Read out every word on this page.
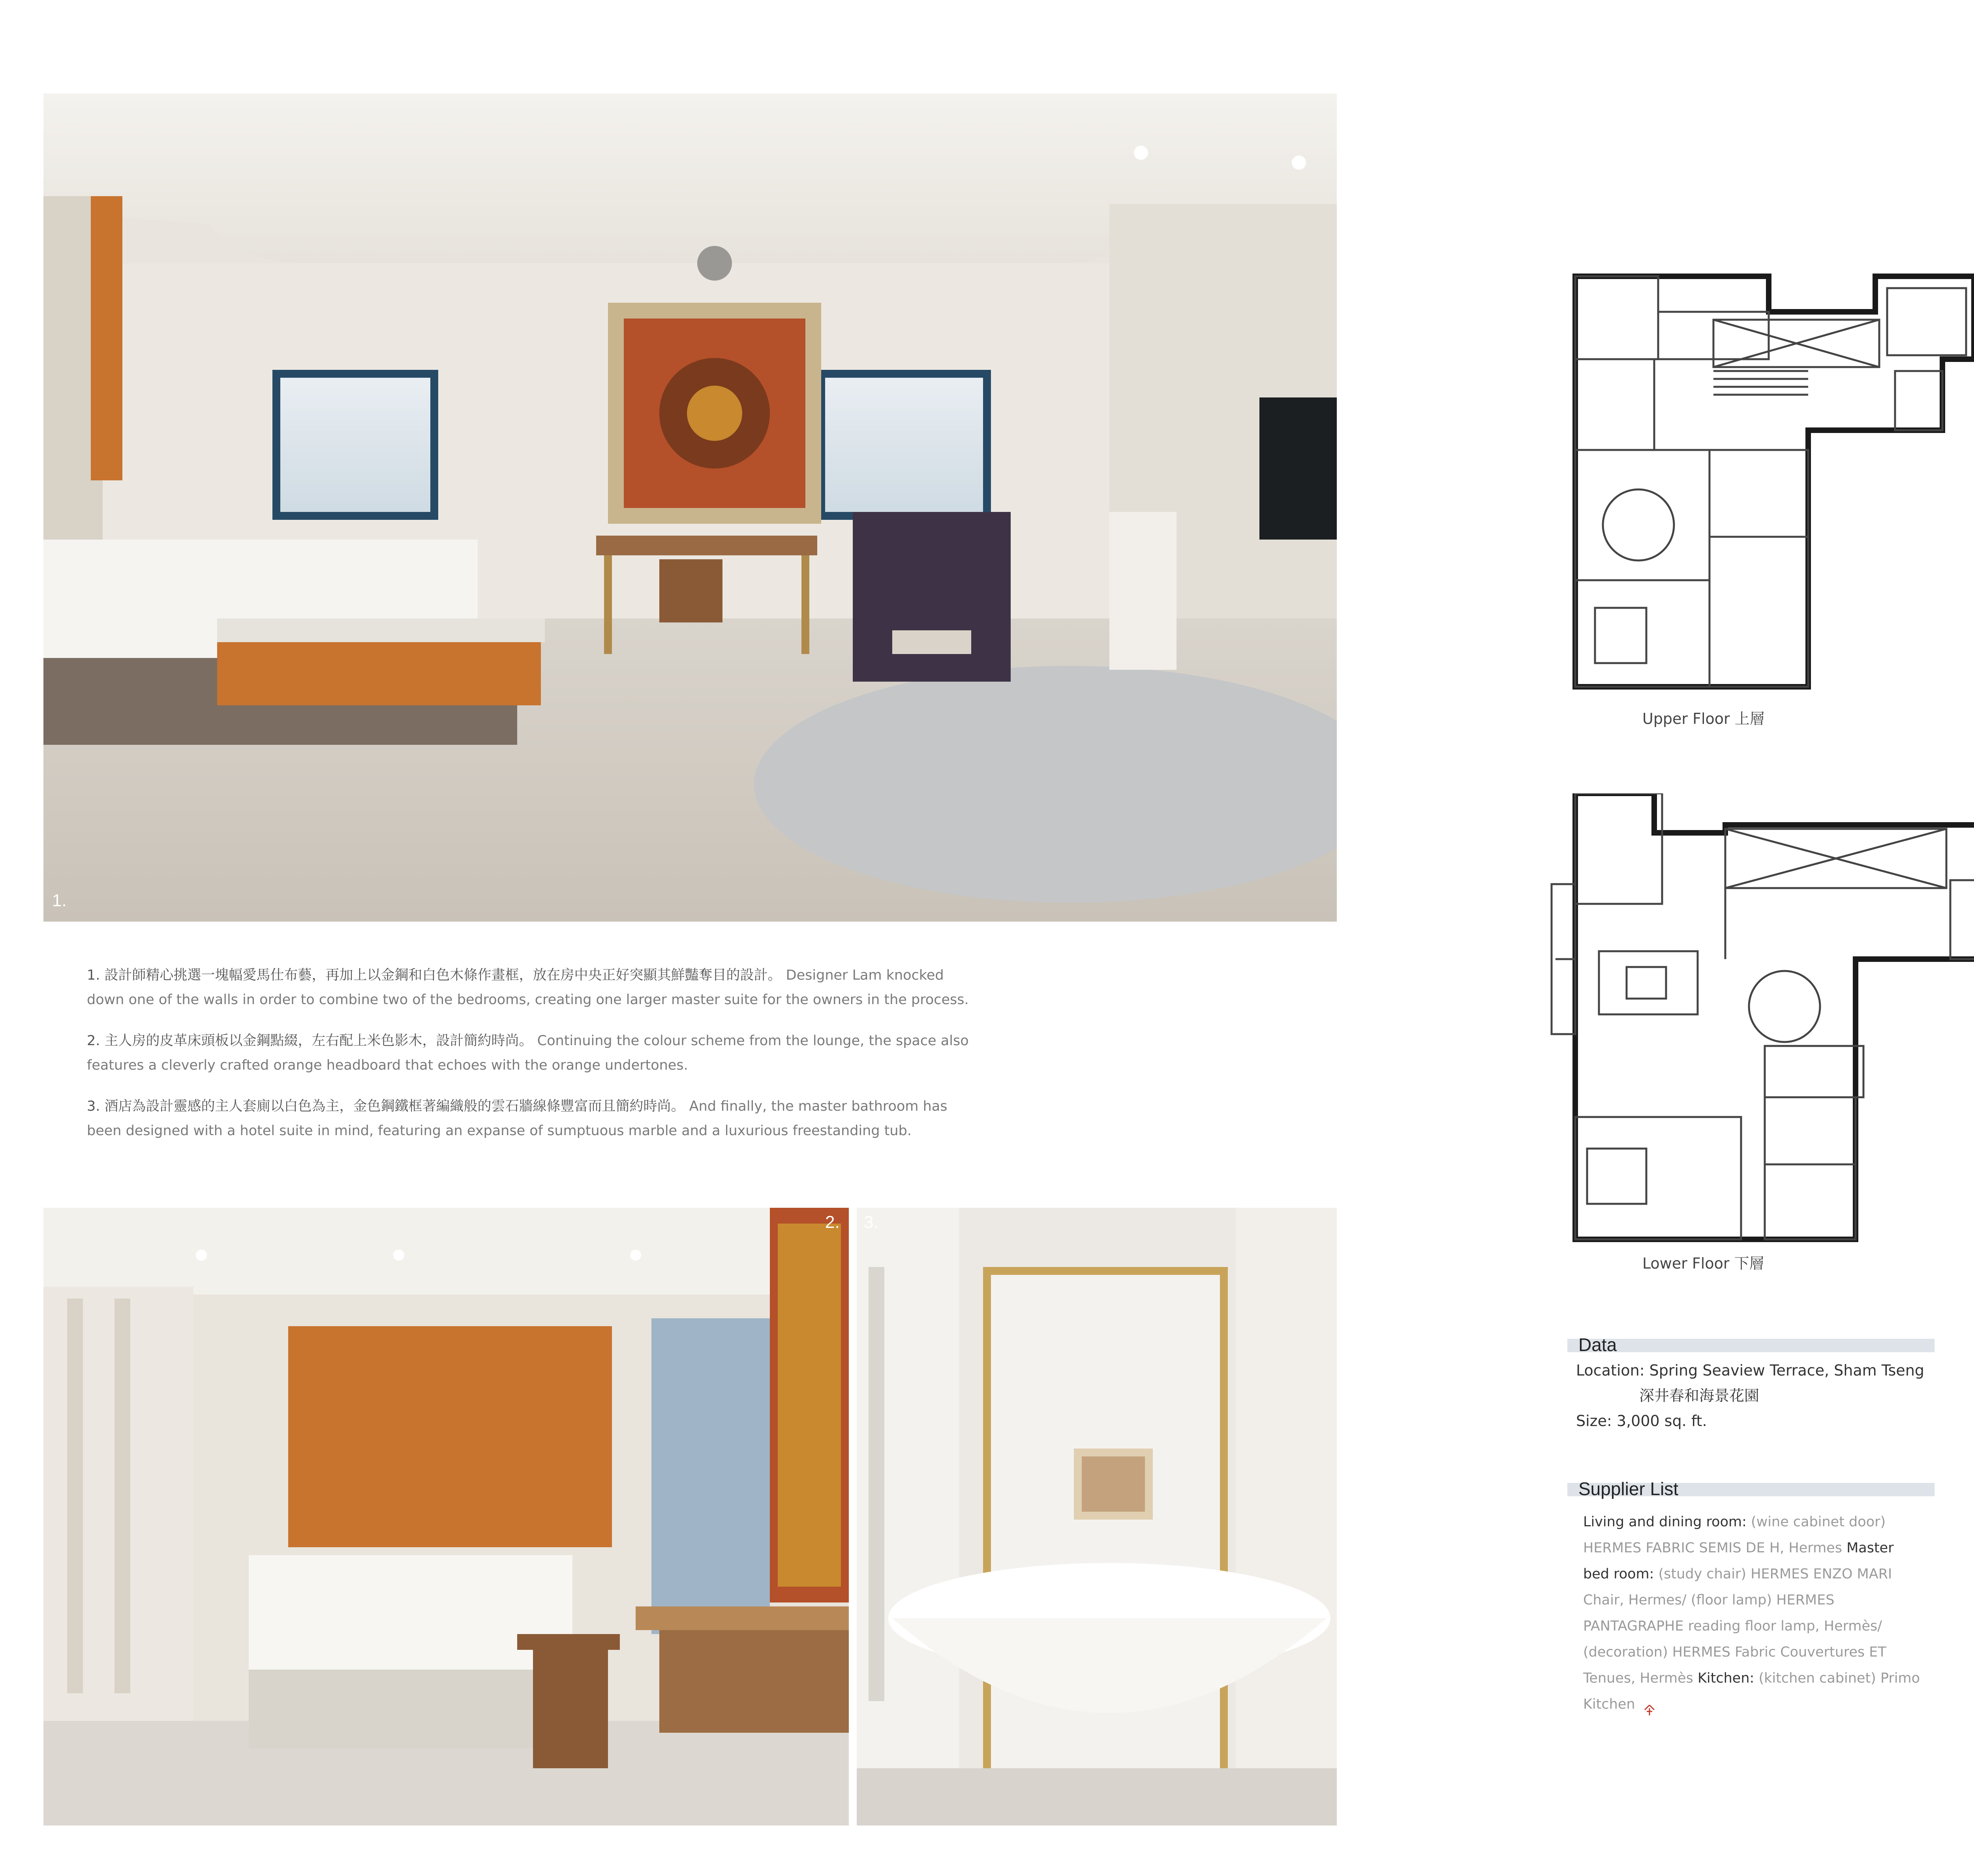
1.

1. 設計師精心挑選一塊幅愛馬仕布藝，再加上以金鋼和白色木條作畫框，放在房中央正好突顯其鮮豔奪目的設計。 Designer Lam knocked down one of the walls in order to combine two of the bedrooms, creating one larger master suite for the owners in the process.

2. 主人房的皮革床頭板以金鋼點綴，左右配上米色影木，設計簡約時尚。 Continuing the colour scheme from the lounge, the space also features a cleverly crafted orange headboard that echoes with the orange undertones.

3. 酒店為設計靈感的主人套廁以白色為主，金色鋼鐵框著編織般的雲石牆線條豐富而且簡約時尚。 And finally, the master bathroom has been designed with a hotel suite in mind, featuring an expanse of sumptuous marble and a luxurious freestanding tub.

2. 3.
Upper Floor 上層
Lower Floor 下層
Data
Location: Spring Seaview Terrace, Sham Tseng
深井春和海景花園
Size: 3,000 sq. ft.
Supplier List
Living and dining room: (wine cabinet door) HERMES FABRIC SEMIS DE H, Hermes Master bed room: (study chair) HERMES ENZO MARI Chair, Hermes/ (floor lamp) HERMES PANTAGRAPHE reading floor lamp, Hermès/ (decoration) HERMES Fabric Couvertures ET Tenues, Hermès Kitchen: (kitchen cabinet) Primo Kitchen
